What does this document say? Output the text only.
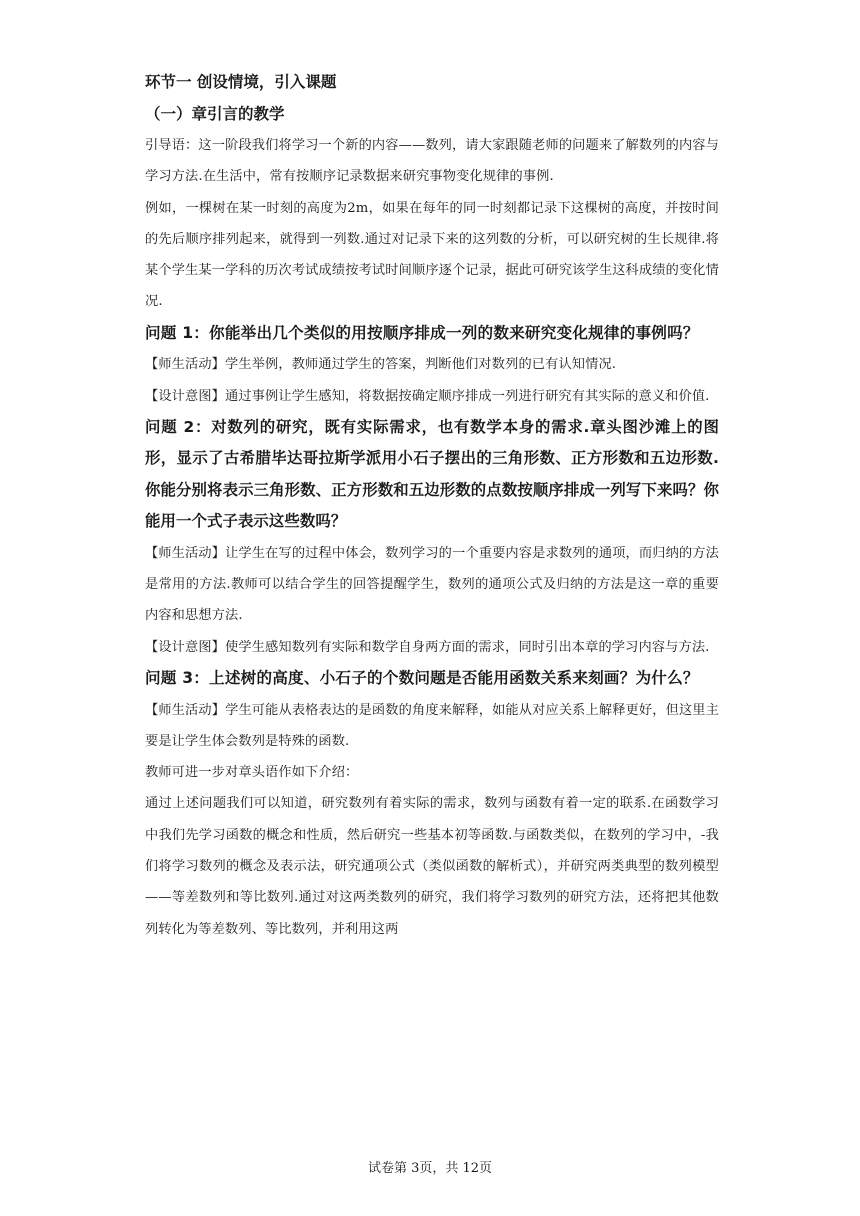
环节一 创设情境，引入课题
（一）章引言的教学
引导语：这一阶段我们将学习一个新的内容——数列，请大家跟随老师的问题来了解数列的内容与学习方法.在生活中，常有按顺序记录数据来研究事物变化规律的事例.
例如，一棵树在某一时刻的高度为2m，如果在每年的同一时刻都记录下这棵树的高度，并按时间的先后顺序排列起来，就得到一列数.通过对记录下来的这列数的分析，可以研究树的生长规律.将某个学生某一学科的历次考试成绩按考试时间顺序逐个记录，据此可研究该学生这科成绩的变化情况.
问题 1：你能举出几个类似的用按顺序排成一列的数来研究变化规律的事例吗？
【师生活动】学生举例，教师通过学生的答案，判断他们对数列的已有认知情况.
【设计意图】通过事例让学生感知，将数据按确定顺序排成一列进行研究有其实际的意义和价值.
问题 2：对数列的研究，既有实际需求，也有数学本身的需求.章头图沙滩上的图形，显示了古希腊毕达哥拉斯学派用小石子摆出的三角形数、正方形数和五边形数.你能分别将表示三角形数、正方形数和五边形数的点数按顺序排成一列写下来吗？你能用一个式子表示这些数吗？
【师生活动】让学生在写的过程中体会，数列学习的一个重要内容是求数列的通项，而归纳的方法是常用的方法.教师可以结合学生的回答提醒学生，数列的通项公式及归纳的方法是这一章的重要内容和思想方法.
【设计意图】使学生感知数列有实际和数学自身两方面的需求，同时引出本章的学习内容与方法.
问题 3：上述树的高度、小石子的个数问题是否能用函数关系来刻画？为什么？
【师生活动】学生可能从表格表达的是函数的角度来解释，如能从对应关系上解释更好，但这里主要是让学生体会数列是特殊的函数.
教师可进一步对章头语作如下介绍：
通过上述问题我们可以知道，研究数列有着实际的需求，数列与函数有着一定的联系.在函数学习中我们先学习函数的概念和性质，然后研究一些基本初等函数.与函数类似，在数列的学习中，-我们将学习数列的概念及表示法，研究通项公式（类似函数的解析式），并研究两类典型的数列模型——等差数列和等比数列.通过对这两类数列的研究，我们将学习数列的研究方法，还将把其他数列转化为等差数列、等比数列，并利用这两
试卷第 3页，共 12页
